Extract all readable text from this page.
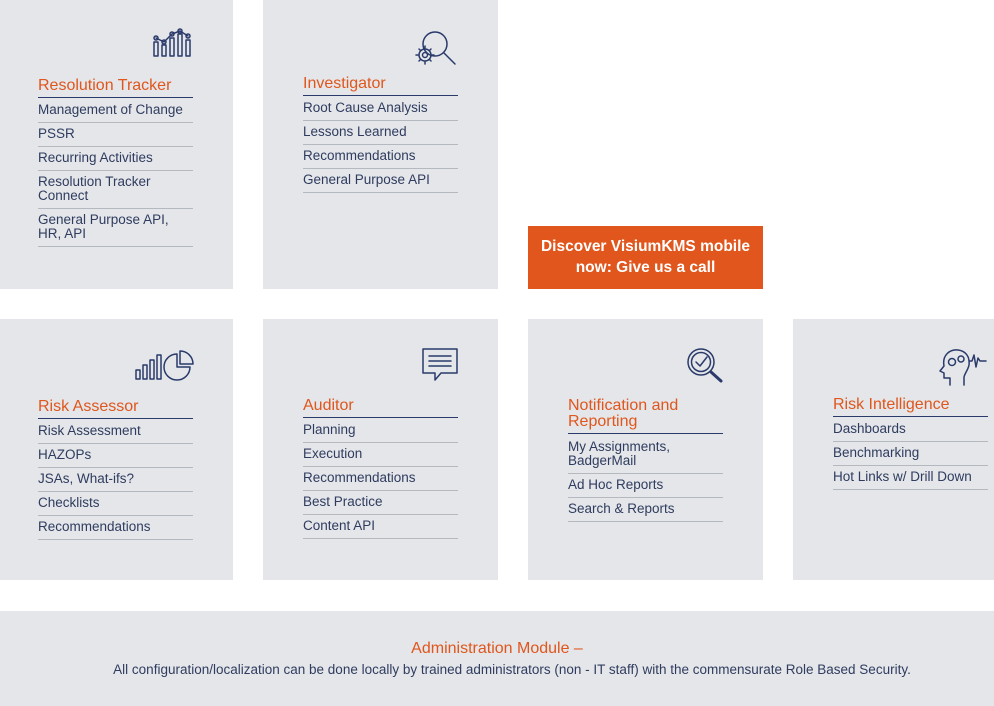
Resolution Tracker
Management of Change
PSSR
Recurring Activities
Resolution Tracker Connect
General Purpose API, HR, API
Investigator
Root Cause Analysis
Lessons Learned
Recommendations
General Purpose API
Discover VisiumKMS mobile now: Give us a call
Risk Assessor
Risk Assessment
HAZOPs
JSAs, What-ifs?
Checklists
Recommendations
Auditor
Planning
Execution
Recommendations
Best Practice
Content API
Notification and Reporting
My Assignments, BadgerMail
Ad Hoc Reports
Search & Reports
Risk Intelligence
Dashboards
Benchmarking
Hot Links w/ Drill Down
Administration Module –
All configuration/localization can be done locally by trained administrators (non - IT staff) with the commensurate Role Based Security.
